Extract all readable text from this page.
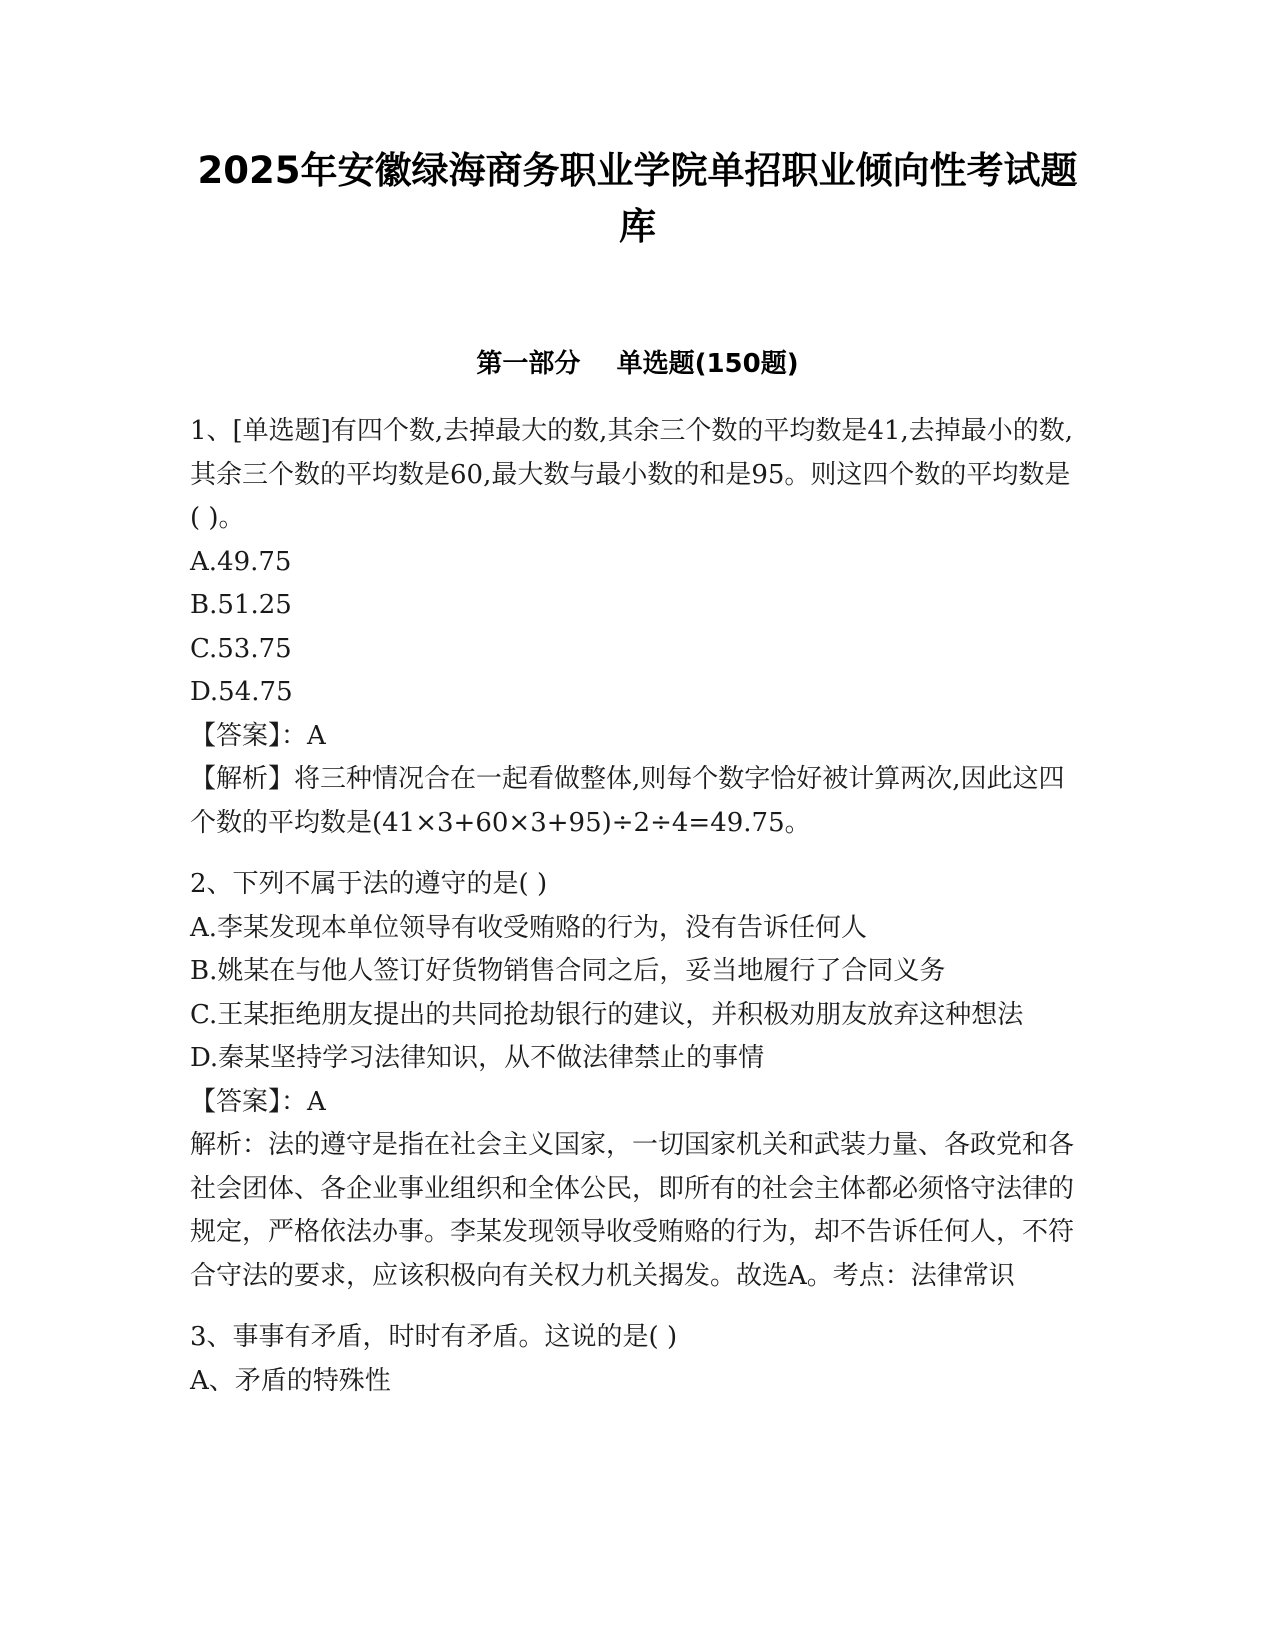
2025年安徽绿海商务职业学院单招职业倾向性考试题
库
第一部分    单选题(150题)

1、[单选题]有四个数,去掉最大的数,其余三个数的平均数是41,去掉最小的数,其余三个数的平均数是60,最大数与最小数的和是95。则这四个数的平均数是( )。

A.49.75

B.51.25

C.53.75

D.54.75

【答案】：A

【解析】将三种情况合在一起看做整体,则每个数字恰好被计算两次,因此这四个数的平均数是(41×3+60×3+95)÷2÷4=49.75。

2、下列不属于法的遵守的是( )

A.李某发现本单位领导有收受贿赂的行为，没有告诉任何人

B.姚某在与他人签订好货物销售合同之后，妥当地履行了合同义务

C.王某拒绝朋友提出的共同抢劫银行的建议，并积极劝朋友放弃这种想法

D.秦某坚持学习法律知识，从不做法律禁止的事情

【答案】：A

解析：法的遵守是指在社会主义国家，一切国家机关和武装力量、各政党和各社会团体、各企业事业组织和全体公民，即所有的社会主体都必须恪守法律的规定，严格依法办事。李某发现领导收受贿赂的行为，却不告诉任何人，不符合守法的要求，应该积极向有关权力机关揭发。故选A。考点：法律常识

3、事事有矛盾，时时有矛盾。这说的是( )

A、矛盾的特殊性
